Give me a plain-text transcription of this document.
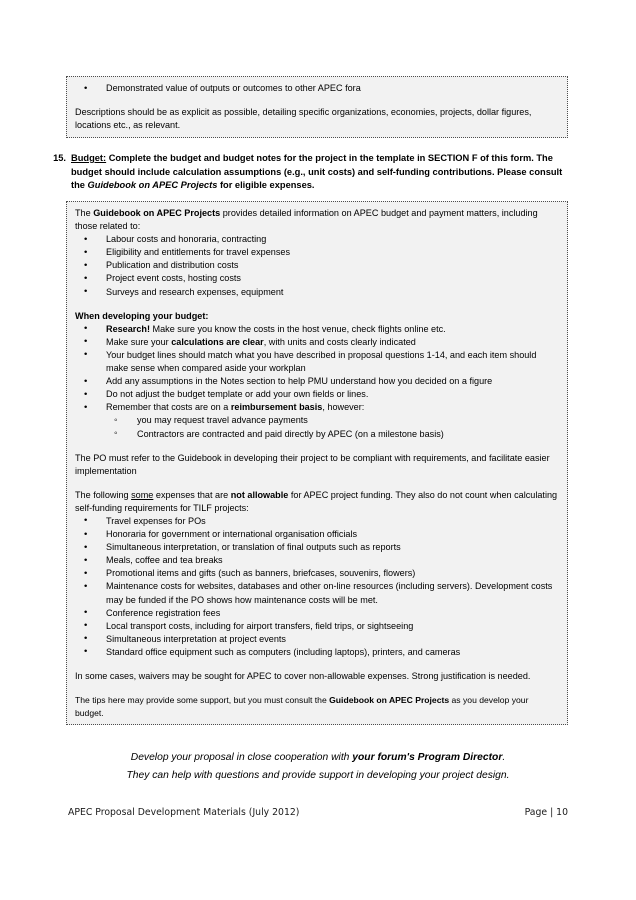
• Demonstrated value of outputs or outcomes to other APEC fora

Descriptions should be as explicit as possible, detailing specific organizations, economies, projects, dollar figures, locations etc., as relevant.

15. Budget: Complete the budget and budget notes for the project in the template in SECTION F of this form. The budget should include calculation assumptions (e.g., unit costs) and self-funding contributions. Please consult the Guidebook on APEC Projects for eligible expenses.

The Guidebook on APEC Projects provides detailed information on APEC budget and payment matters, including those related to:

• Labour costs and honoraria, contracting
• Eligibility and entitlements for travel expenses
• Publication and distribution costs
• Project event costs, hosting costs
• Surveys and research expenses, equipment

When developing your budget:

• Research! Make sure you know the costs in the host venue, check flights online etc.
• Make sure your calculations are clear, with units and costs clearly indicated
• Your budget lines should match what you have described in proposal questions 1-14, and each item should make sense when compared aside your workplan
• Add any assumptions in the Notes section to help PMU understand how you decided on a figure
• Do not adjust the budget template or add your own fields or lines.
• Remember that costs are on a reimbursement basis, however:
◦ you may request travel advance payments
◦ Contractors are contracted and paid directly by APEC (on a milestone basis)

The PO must refer to the Guidebook in developing their project to be compliant with requirements, and facilitate easier implementation

The following some expenses that are not allowable for APEC project funding. They also do not count when calculating self-funding requirements for TILF projects:

• Travel expenses for POs
• Honoraria for government or international organisation officials
• Simultaneous interpretation, or translation of final outputs such as reports
• Meals, coffee and tea breaks
• Promotional items and gifts (such as banners, briefcases, souvenirs, flowers)
• Maintenance costs for websites, databases and other on-line resources (including servers). Development costs may be funded if the PO shows how maintenance costs will be met.
• Conference registration fees
• Local transport costs, including for airport transfers, field trips, or sightseeing
• Simultaneous interpretation at project events
• Standard office equipment such as computers (including laptops), printers, and cameras

In some cases, waivers may be sought for APEC to cover non-allowable expenses. Strong justification is needed.

The tips here may provide some support, but you must consult the Guidebook on APEC Projects as you develop your budget.

Develop your proposal in close cooperation with your forum's Program Director.
They can help with questions and provide support in developing your project design.
APEC Proposal Development Materials (July 2012)	Page | 10
